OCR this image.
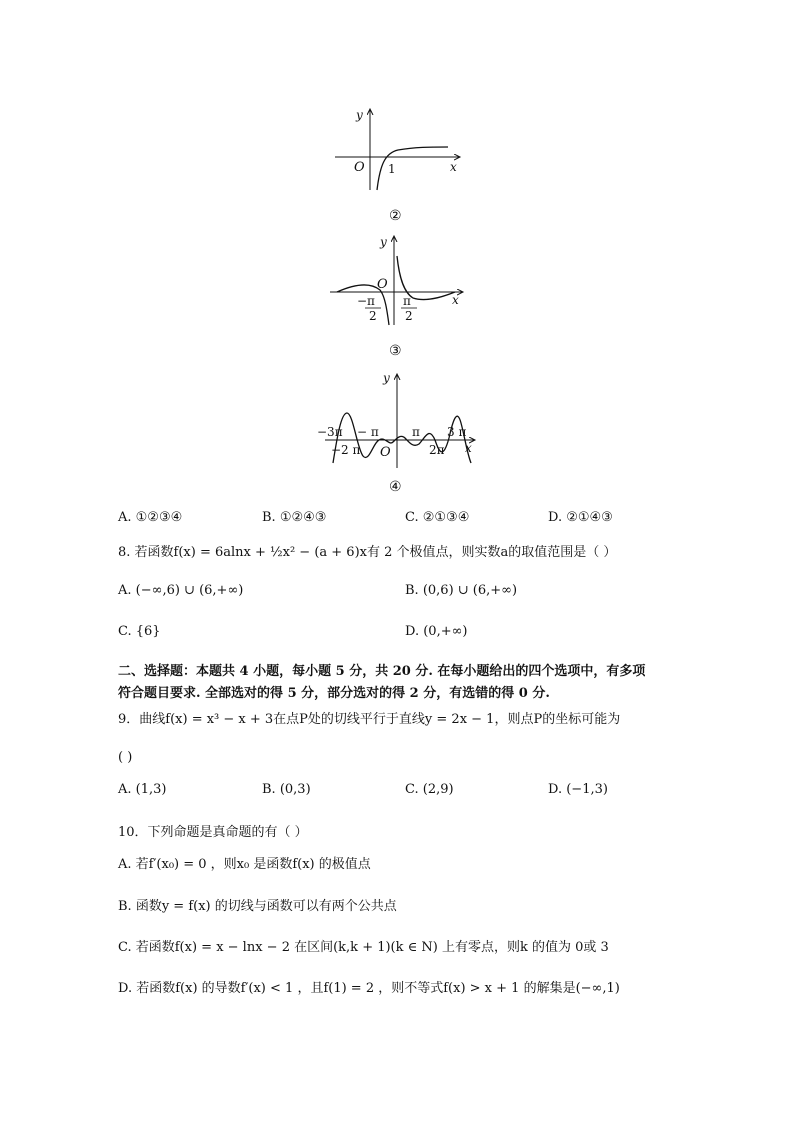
y
x
O 1
②
y
x
O
−π
2
π
2
③
y
x
O
−3π − π	π 3 π
−2 π	2π
④
A. ①②③④	B. ①②④③	C. ②①③④	D. ②①④③
8. 若函数f(x) = 6alnx + ½x² − (a + 6)x有 2 个极值点，则实数a的取值范围是（ ）
A. (−∞,6) ∪ (6,+∞)	B. (0,6) ∪ (6,+∞)
C. {6}	D. (0,+∞)
二、选择题：本题共 4 小题，每小题 5 分，共 20 分. 在每小题给出的四个选项中，有多项
符合题目要求. 全部选对的得 5 分，部分选对的得 2 分，有选错的得 0 分.
9．曲线f(x) = x³ − x + 3在点P处的切线平行于直线y = 2x − 1，则点P的坐标可能为
( )
A. (1,3)	B. (0,3)	C. (2,9)	D. (−1,3)
10．下列命题是真命题的有（ ）
A. 若f′(x₀) = 0 ，则x₀ 是函数f(x) 的极值点
B. 函数y = f(x) 的切线与函数可以有两个公共点
C. 若函数f(x) = x − lnx − 2 在区间(k,k + 1)(k ∈ N) 上有零点，则k 的值为 0或 3
D. 若函数f(x) 的导数f′(x) < 1 ，且f(1) = 2 ，则不等式f(x) > x + 1 的解集是(−∞,1)
